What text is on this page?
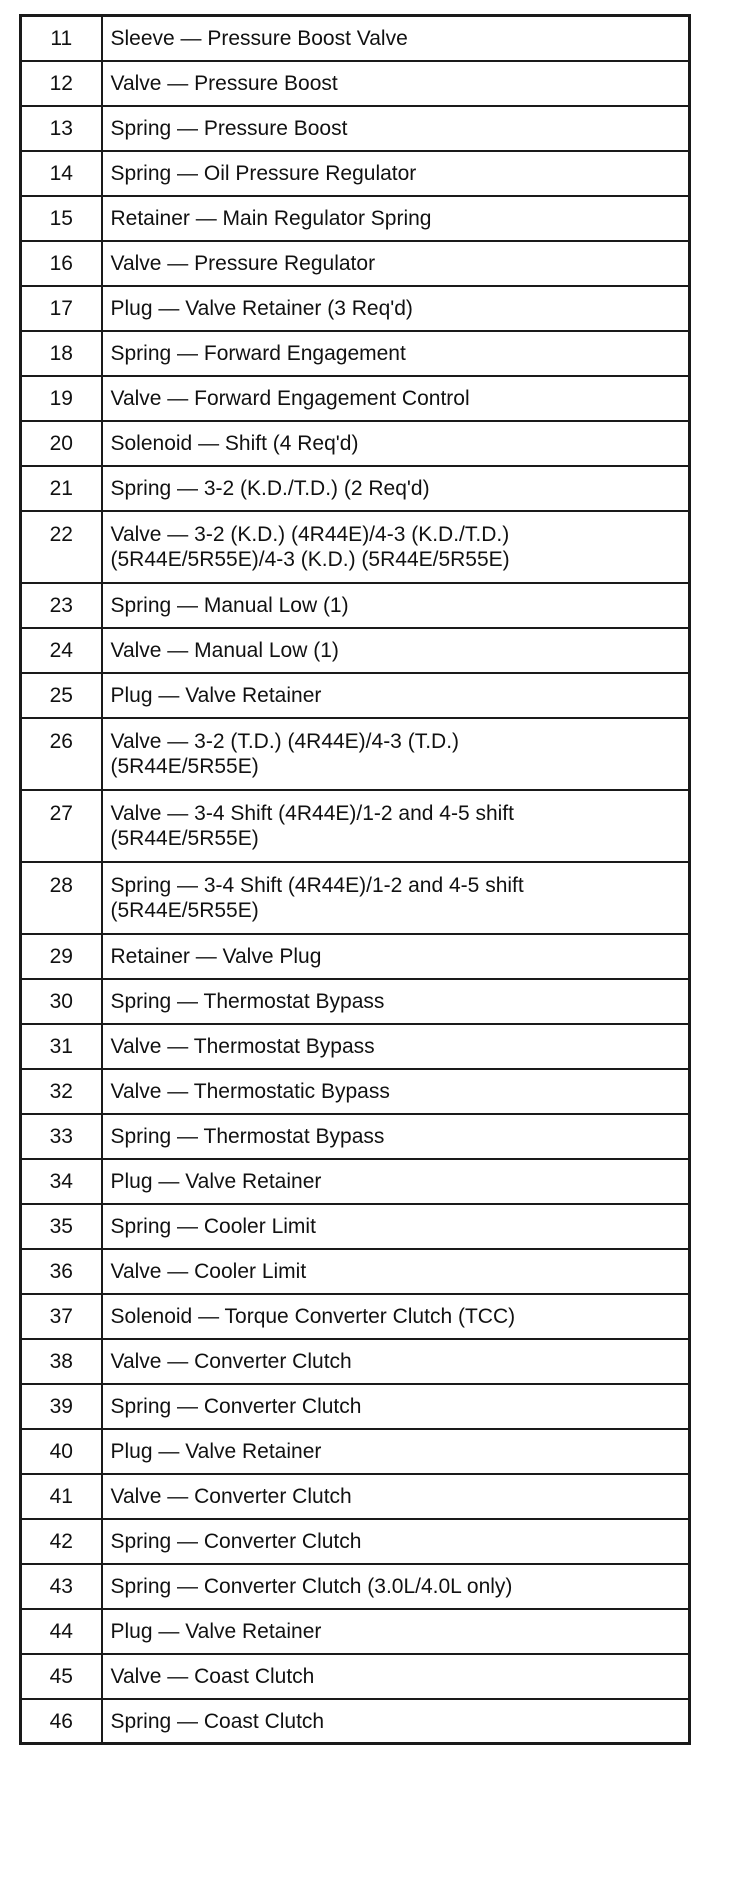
11	Sleeve — Pressure Boost Valve
12	Valve — Pressure Boost
13	Spring — Pressure Boost
14	Spring — Oil Pressure Regulator
15	Retainer — Main Regulator Spring
16	Valve — Pressure Regulator
17	Plug — Valve Retainer (3 Req'd)
18	Spring — Forward Engagement
19	Valve — Forward Engagement Control
20	Solenoid — Shift (4 Req'd)
21	Spring — 3-2 (K.D./T.D.) (2 Req'd)
22	Valve — 3-2 (K.D.) (4R44E)/4-3 (K.D./T.D.)
(5R44E/5R55E)/4-3 (K.D.) (5R44E/5R55E)
23	Spring — Manual Low (1)
24	Valve — Manual Low (1)
25	Plug — Valve Retainer
26	Valve — 3-2 (T.D.) (4R44E)/4-3 (T.D.)
(5R44E/5R55E)
27	Valve — 3-4 Shift (4R44E)/1-2 and 4-5 shift
(5R44E/5R55E)
28	Spring — 3-4 Shift (4R44E)/1-2 and 4-5 shift
(5R44E/5R55E)
29	Retainer — Valve Plug
30	Spring — Thermostat Bypass
31	Valve — Thermostat Bypass
32	Valve — Thermostatic Bypass
33	Spring — Thermostat Bypass
34	Plug — Valve Retainer
35	Spring — Cooler Limit
36	Valve — Cooler Limit
37	Solenoid — Torque Converter Clutch (TCC)
38	Valve — Converter Clutch
39	Spring — Converter Clutch
40	Plug — Valve Retainer
41	Valve — Converter Clutch
42	Spring — Converter Clutch
43	Spring — Converter Clutch (3.0L/4.0L only)
44	Plug — Valve Retainer
45	Valve — Coast Clutch
46	Spring — Coast Clutch
